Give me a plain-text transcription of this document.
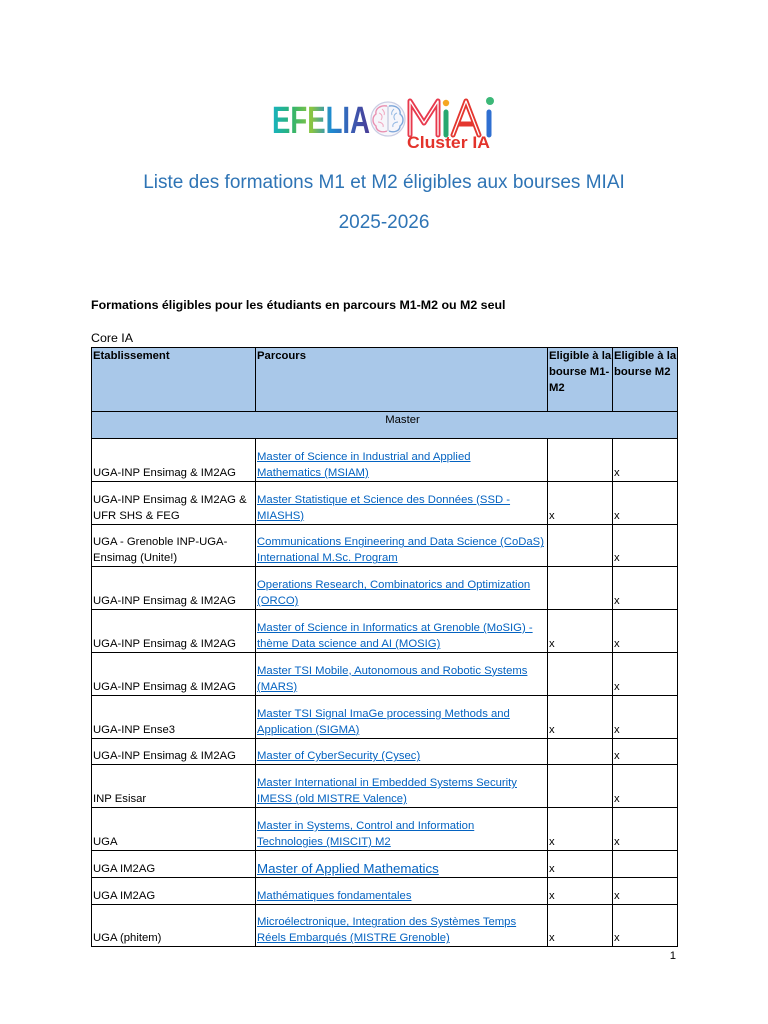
EFELIA
Cluster IA
Liste des formations M1 et M2 éligibles aux bourses MIAI
2025-2026
Formations éligibles pour les étudiants en parcours M1-M2 ou M2 seul
Core IA
Etablissement	Parcours	Eligible à la
bourse M1-
M2	Eligible à la
bourse M2

Master			

UGA-INP Ensimag & IM2AG	Master of Science in Industrial and Applied
Mathematics (MSIAM)		x

UGA-INP Ensimag & IM2AG &
UFR SHS & FEG	Master Statistique et Science des Données (SSD -
MIASHS)	x	x

UGA - Grenoble INP-UGA-
Ensimag (Unite!)	Communications Engineering and Data Science (CoDaS)
International M.Sc. Program		x

UGA-INP Ensimag & IM2AG	Operations Research, Combinatorics and Optimization
(ORCO)		x

UGA-INP Ensimag & IM2AG	Master of Science in Informatics at Grenoble (MoSIG) -
thème Data science and AI (MOSIG)	x	x

UGA-INP Ensimag & IM2AG	Master TSI Mobile, Autonomous and Robotic Systems
(MARS)		x

UGA-INP Ense3	Master TSI Signal ImaGe processing Methods and
Application (SIGMA)	x	x

UGA-INP Ensimag & IM2AG	Master of CyberSecurity (Cysec)		x

INP Esisar	Master International in Embedded Systems Security
IMESS (old MISTRE Valence)		x

UGA	Master in Systems, Control and Information
Technologies (MISCIT) M2	x	x

UGA IM2AG	Master of Applied Mathematics	x	

UGA IM2AG	Mathématiques fondamentales	x	x

UGA (phitem)	Microélectronique, Integration des Systèmes Temps
Réels Embarqués (MISTRE Grenoble)	x	x
1
